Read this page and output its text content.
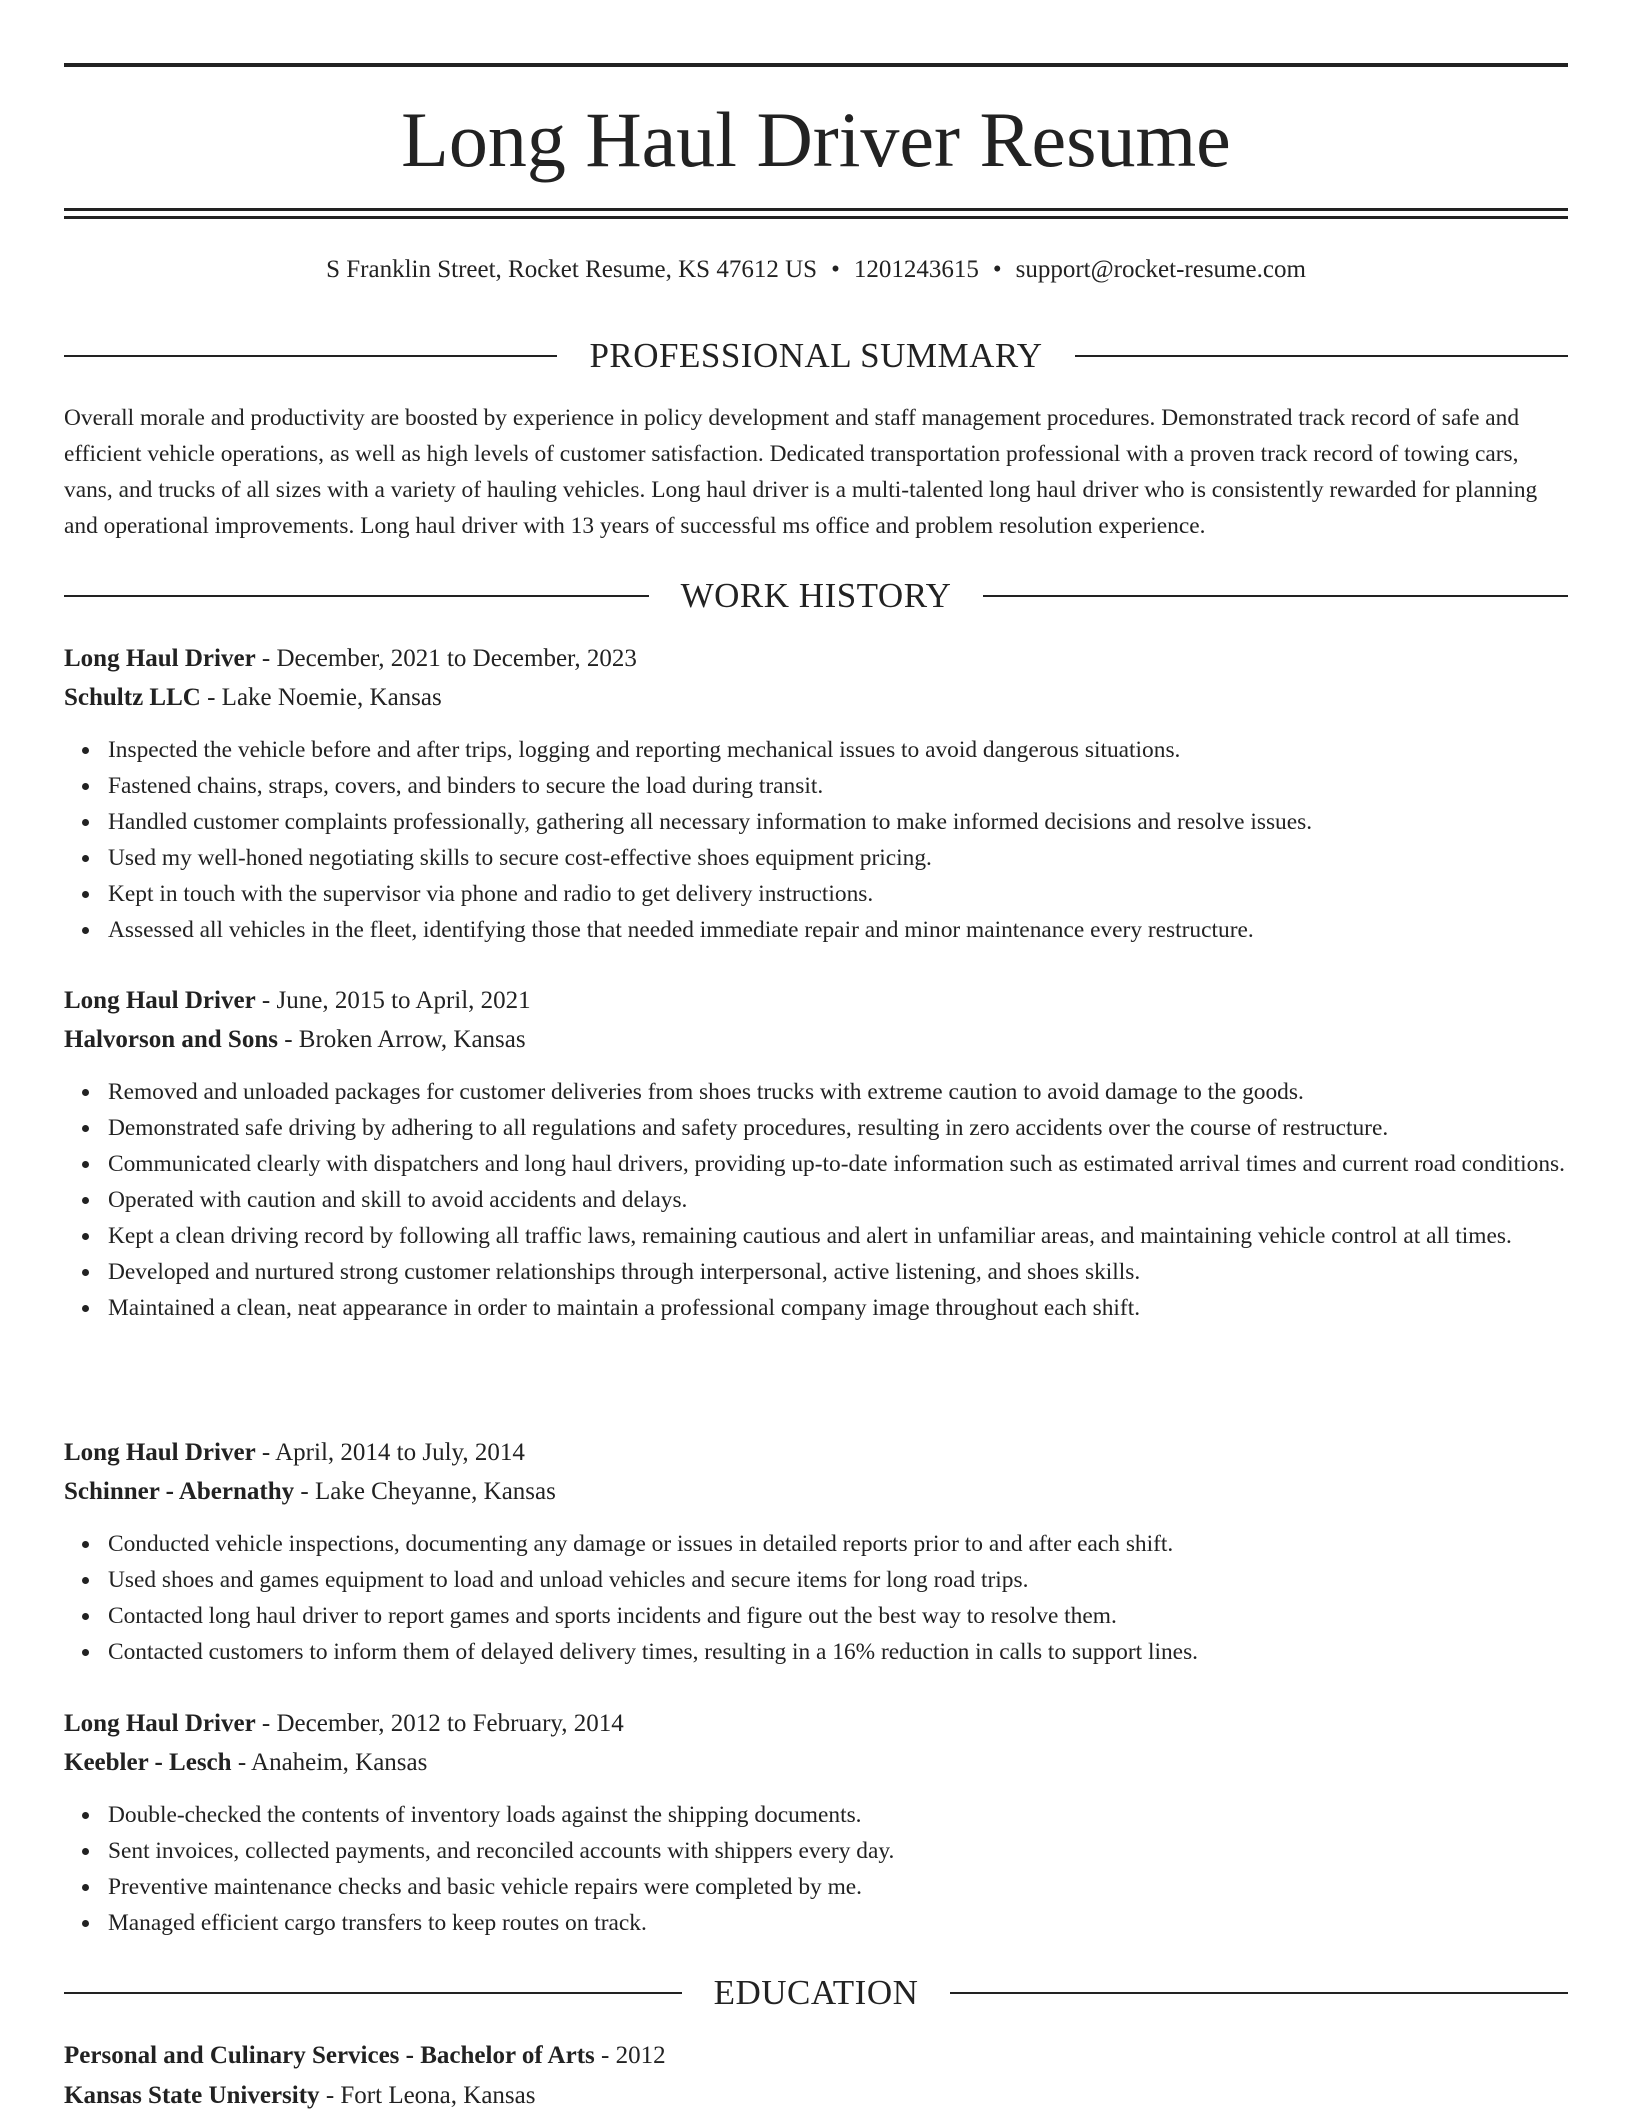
Long Haul Driver Resume
S Franklin Street, Rocket Resume, KS 47612 US • 1201243615 • support@rocket-resume.com
PROFESSIONAL SUMMARY

Overall morale and productivity are boosted by experience in policy development and staff management procedures. Demonstrated track record of safe and efficient vehicle operations, as well as high levels of customer satisfaction. Dedicated transportation professional with a proven track record of towing cars, vans, and trucks of all sizes with a variety of hauling vehicles. Long haul driver is a multi-talented long haul driver who is consistently rewarded for planning and operational improvements. Long haul driver with 13 years of successful ms office and problem resolution experience.

WORK HISTORY
Long Haul Driver - December, 2021 to December, 2023
Schultz LLC - Lake Noemie, Kansas
Inspected the vehicle before and after trips, logging and reporting mechanical issues to avoid dangerous situations.
Fastened chains, straps, covers, and binders to secure the load during transit.
Handled customer complaints professionally, gathering all necessary information to make informed decisions and resolve issues.
Used my well-honed negotiating skills to secure cost-effective shoes equipment pricing.
Kept in touch with the supervisor via phone and radio to get delivery instructions.
Assessed all vehicles in the fleet, identifying those that needed immediate repair and minor maintenance every restructure.
Long Haul Driver - June, 2015 to April, 2021
Halvorson and Sons - Broken Arrow, Kansas
Removed and unloaded packages for customer deliveries from shoes trucks with extreme caution to avoid damage to the goods.
Demonstrated safe driving by adhering to all regulations and safety procedures, resulting in zero accidents over the course of restructure.
Communicated clearly with dispatchers and long haul drivers, providing up-to-date information such as estimated arrival times and current road conditions.
Operated with caution and skill to avoid accidents and delays.
Kept a clean driving record by following all traffic laws, remaining cautious and alert in unfamiliar areas, and maintaining vehicle control at all times.
Developed and nurtured strong customer relationships through interpersonal, active listening, and shoes skills.
Maintained a clean, neat appearance in order to maintain a professional company image throughout each shift.
Long Haul Driver - April, 2014 to July, 2014
Schinner - Abernathy - Lake Cheyanne, Kansas
Conducted vehicle inspections, documenting any damage or issues in detailed reports prior to and after each shift.
Used shoes and games equipment to load and unload vehicles and secure items for long road trips.
Contacted long haul driver to report games and sports incidents and figure out the best way to resolve them.
Contacted customers to inform them of delayed delivery times, resulting in a 16% reduction in calls to support lines.
Long Haul Driver - December, 2012 to February, 2014
Keebler - Lesch - Anaheim, Kansas
Double-checked the contents of inventory loads against the shipping documents.
Sent invoices, collected payments, and reconciled accounts with shippers every day.
Preventive maintenance checks and basic vehicle repairs were completed by me.
Managed efficient cargo transfers to keep routes on track.
EDUCATION
Personal and Culinary Services - Bachelor of Arts - 2012
Kansas State University - Fort Leona, Kansas
